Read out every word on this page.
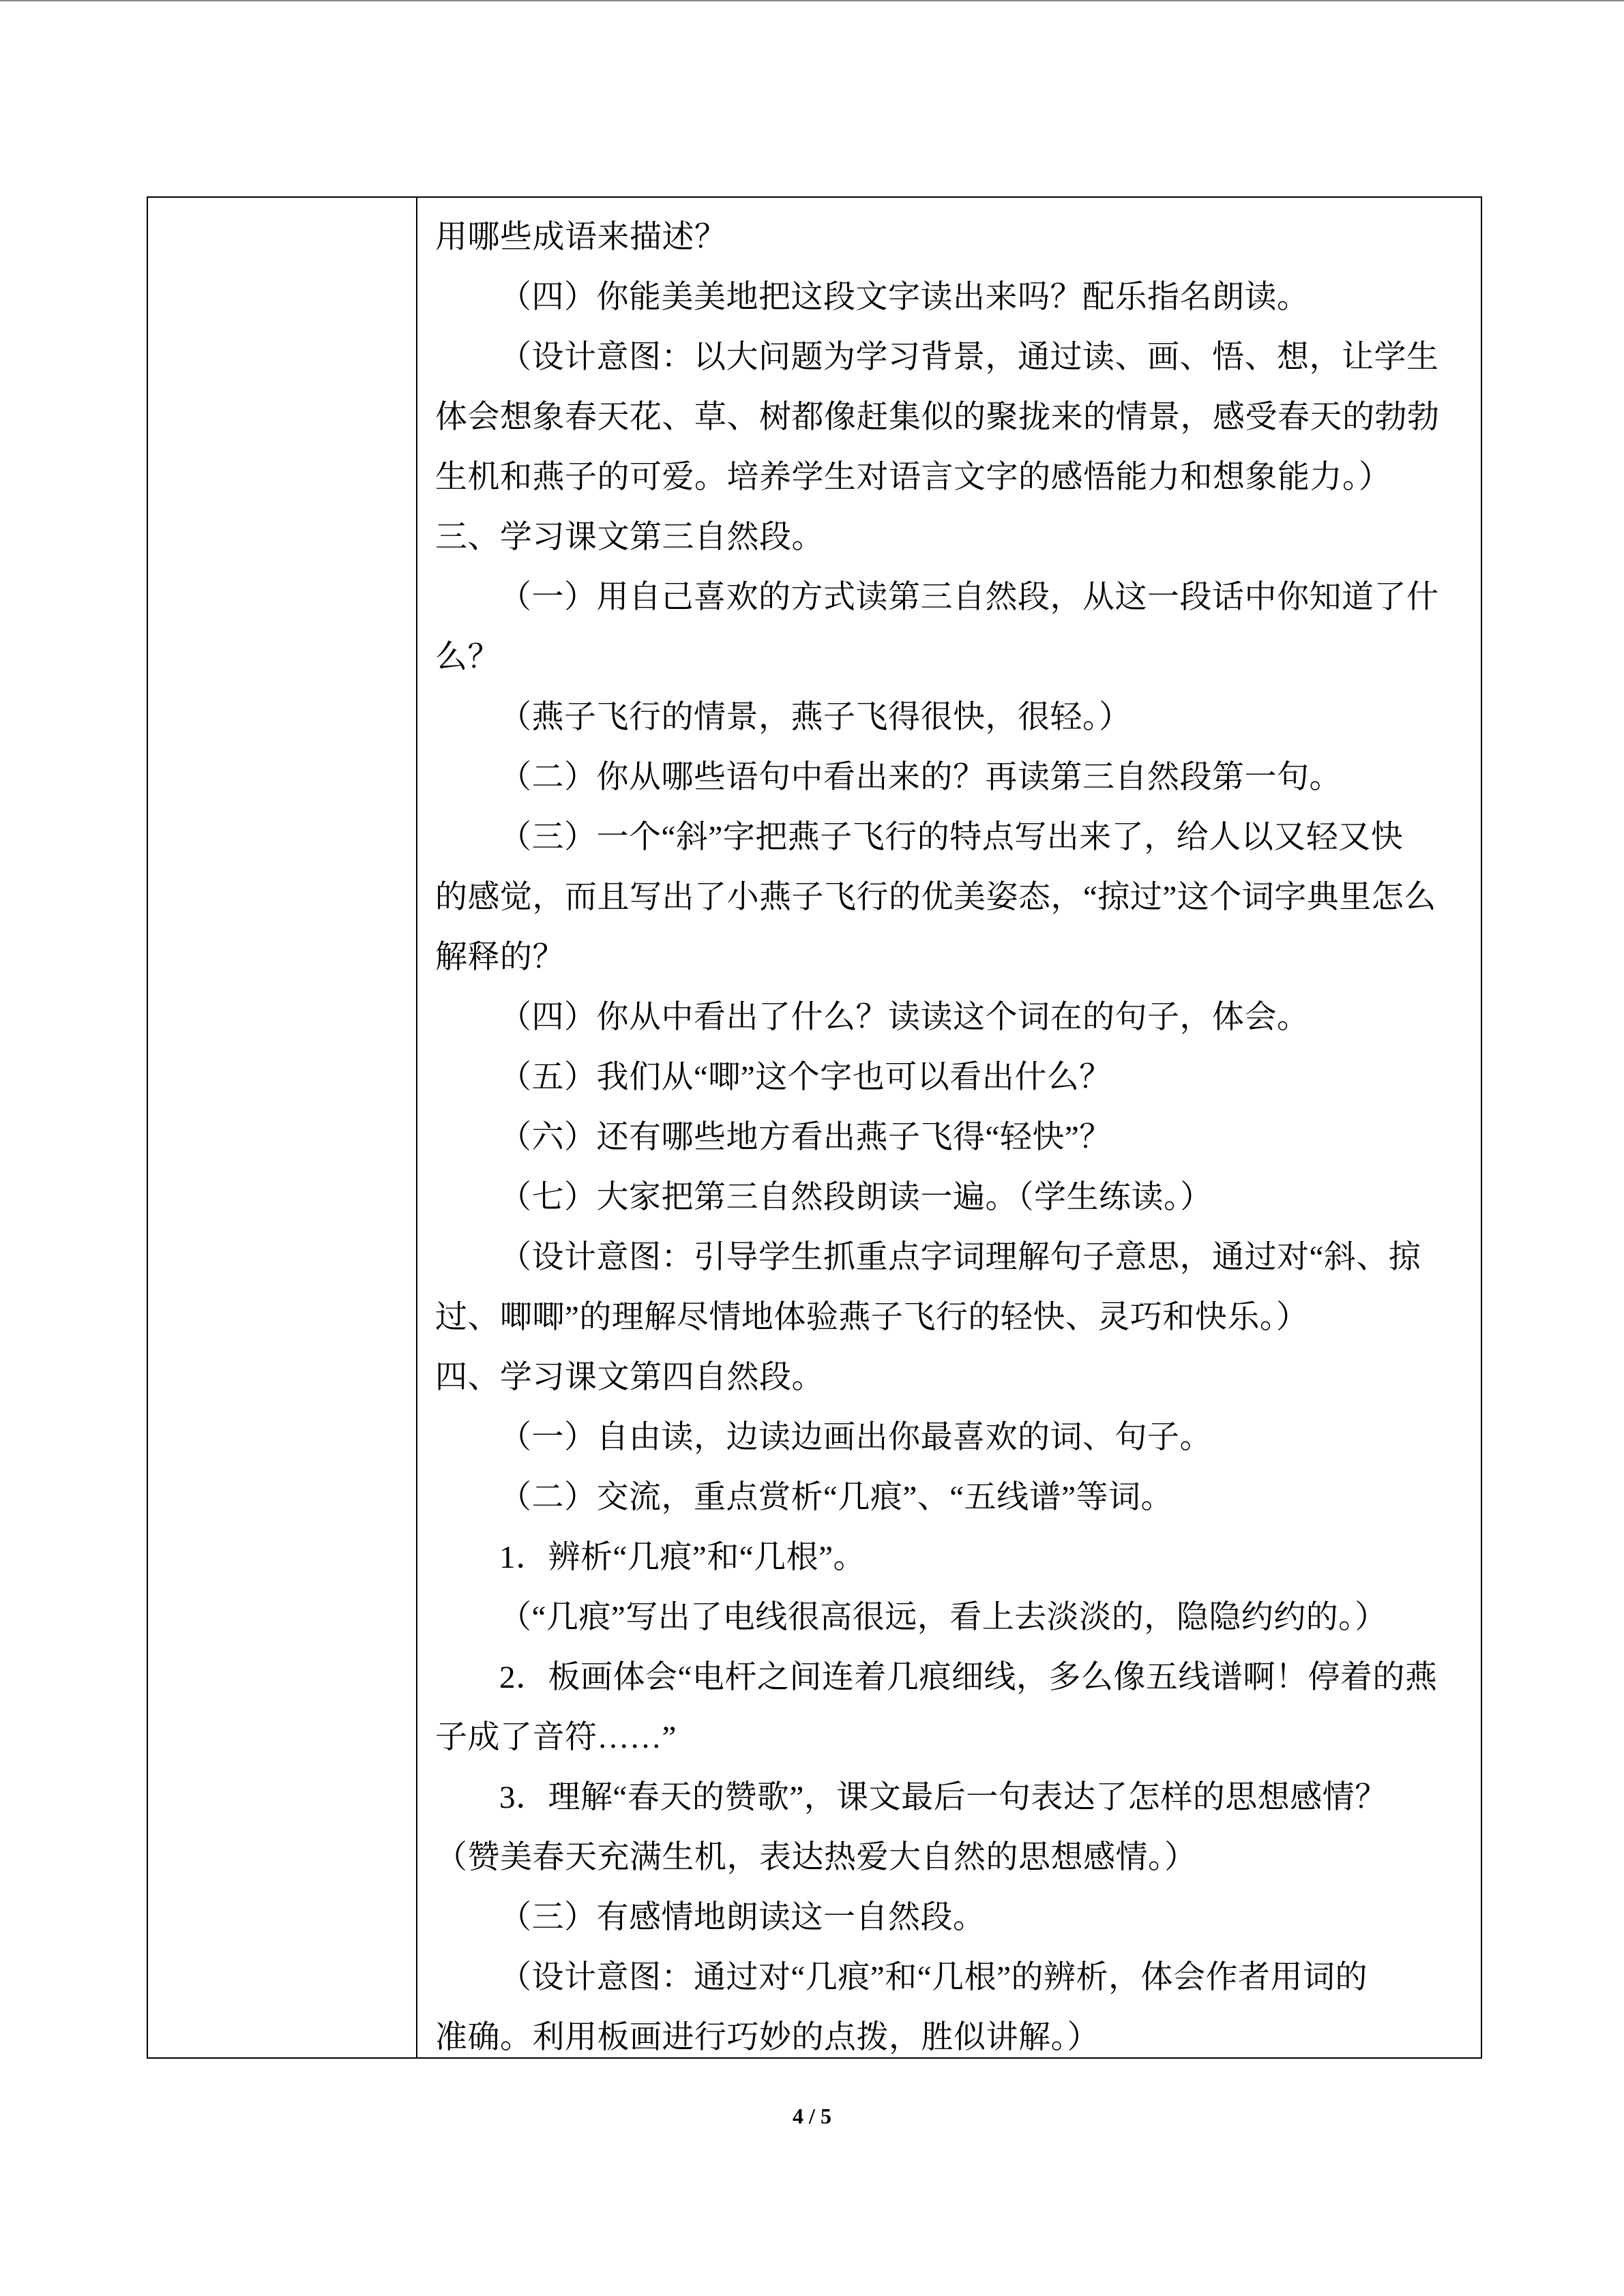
用哪些成语来描述？
（四）你能美美地把这段文字读出来吗？配乐指名朗读。
（设计意图：以大问题为学习背景，通过读、画、悟、想，让学生
体会想象春天花、草、树都像赶集似的聚拢来的情景，感受春天的勃勃
生机和燕子的可爱。培养学生对语言文字的感悟能力和想象能力。）
三、学习课文第三自然段。
（一）用自己喜欢的方式读第三自然段，从这一段话中你知道了什
么？
（燕子飞行的情景，燕子飞得很快，很轻。）
（二）你从哪些语句中看出来的？再读第三自然段第一句。
（三）一个“斜”字把燕子飞行的特点写出来了，给人以又轻又快
的感觉，而且写出了小燕子飞行的优美姿态，“掠过”这个词字典里怎么
解释的？
（四）你从中看出了什么？读读这个词在的句子，体会。
（五）我们从“唧”这个字也可以看出什么？
（六）还有哪些地方看出燕子飞得“轻快”？
（七）大家把第三自然段朗读一遍。（学生练读。）
（设计意图：引导学生抓重点字词理解句子意思，通过对“斜、掠
过、唧唧”的理解尽情地体验燕子飞行的轻快、灵巧和快乐。）
四、学习课文第四自然段。
（一）自由读，边读边画出你最喜欢的词、句子。
（二）交流，重点赏析“几痕”、“五线谱”等词。
1．辨析“几痕”和“几根”。
（“几痕”写出了电线很高很远，看上去淡淡的，隐隐约约的。）
2．板画体会“电杆之间连着几痕细线，多么像五线谱啊！停着的燕
子成了音符……”
3．理解“春天的赞歌”，课文最后一句表达了怎样的思想感情？
（赞美春天充满生机，表达热爱大自然的思想感情。）
（三）有感情地朗读这一自然段。
（设计意图：通过对“几痕”和“几根”的辨析，体会作者用词的
准确。利用板画进行巧妙的点拨，胜似讲解。）
4 / 5
